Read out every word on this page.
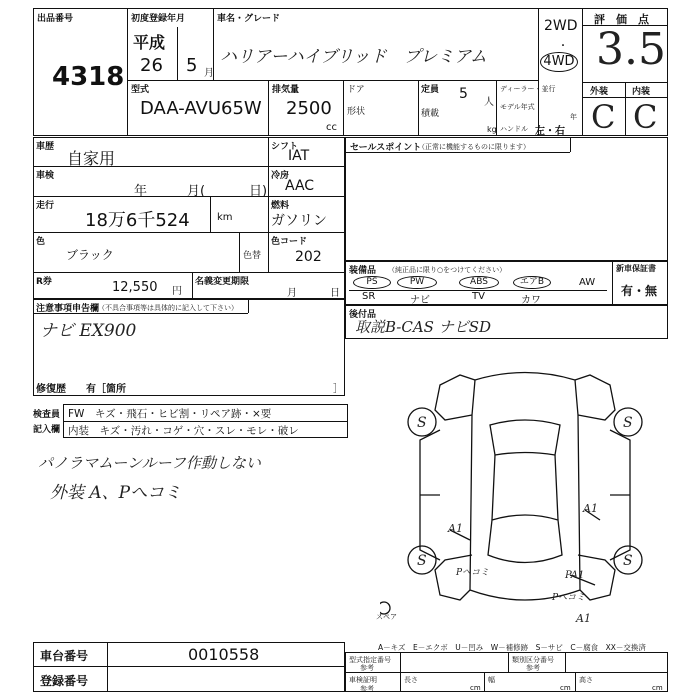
出品番号
4318
初度登録年月
平成
26 5 月
車名・グレード
ハリアーハイブリッド　プレミアム
2WD
・
4WD
評　価　点
3.5
型式
DAA-AVU65W
排気量
2500
cc
ドア
形状
定員 5
人
積載
kg
ディーラー・並行
モデル年式
年
ハンドル 左・右
外装	内装
C C
車歴
自家用
車検
年	月(	日)
走行
18万6千524	km
色
ブラック	色替
色コード
202
R券	12,550 円
名義変更期限
月	日
シフト
IAT
冷房
AAC
燃料
ガソリン
セールスポイント
（正常に機能するものに限ります）
装備品 （純正品に限り○をつけてください）	新車保証書
有・無
PS	PW	ABS	エアB	AW
SR	ナビ	TV	カワ
後付品
取説B-CAS ナビSD
注意事項申告欄
（不具合事項等は具体的に記入して下さい）
ナビ EX900
修復歴 有［箇所	］
検査員
記入欄
FW　キズ・飛石・ヒビ割・リペア跡・×要
内装　キズ・汚れ・コゲ・穴・スレ・モレ・破レ
パノラマムーンルーフ作動しない
外装 A、Pへコミ
S	S
S	S
A1
A1
Pへコミ	PA1
A1
Pへコミ
スペア
A－キズ　E－エクボ　U－凹み　W－補修跡　S－サビ　C－腐食　XX－交換済
車台番号	0010558
登録番号
型式指定番号
参考
類別区分番号
参考
車検証明
参考
長さ
cm
幅
cm
高さ
cm
